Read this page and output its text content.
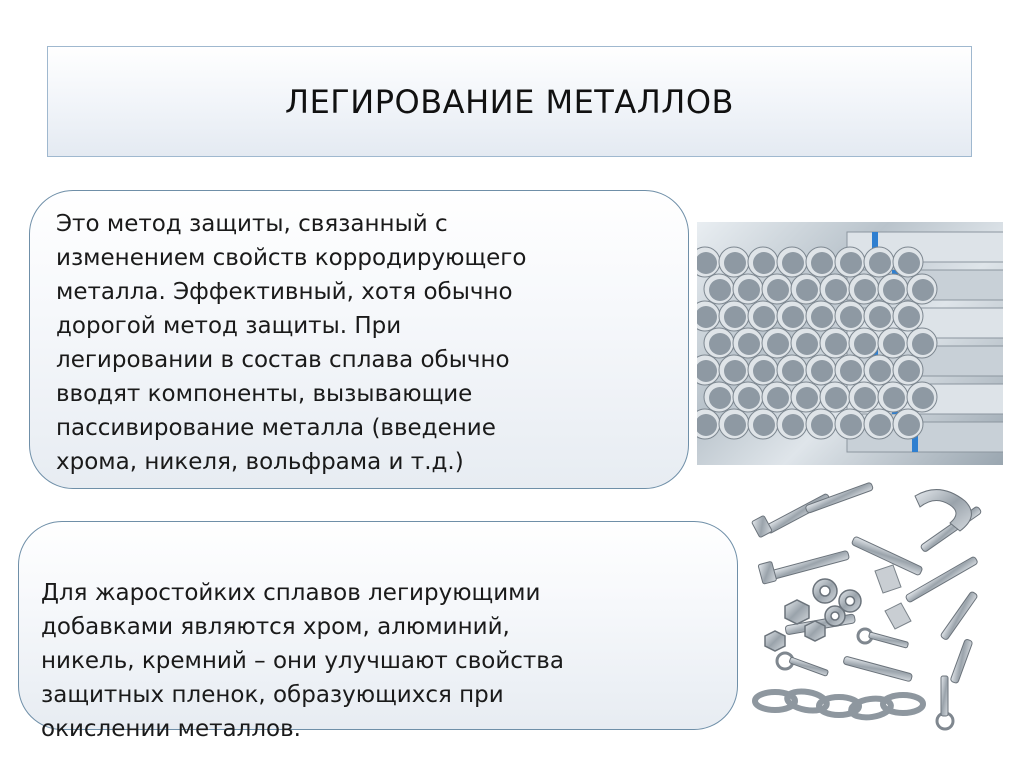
ЛЕГИРОВАНИЕ МЕТАЛЛОВ

Это метод защиты, связанный с
изменением свойств корродирующего
металла. Эффективный, хотя обычно
дорогой метод защиты. При
легировании в состав сплава обычно
вводят компоненты, вызывающие
пассивирование металла (введение
хрома, никеля, вольфрама и т.д.)

Для жаростойких сплавов легирующими
добавками являются хром, алюминий,
никель, кремний – они улучшают свойства
защитных пленок, образующихся при
окислении металлов.
